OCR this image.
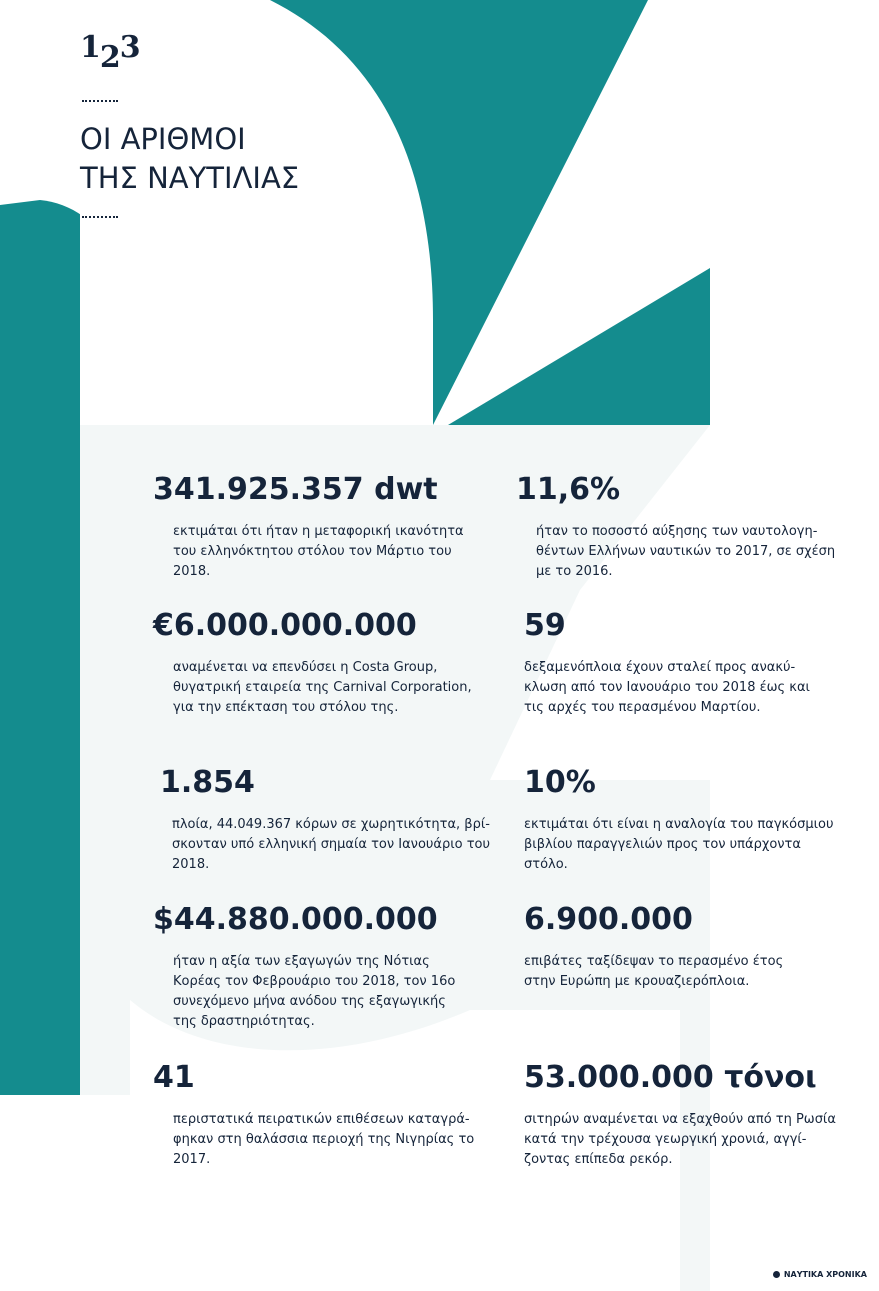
123
ΟΙ ΑΡΙΘΜΟΙ
ΤΗΣ ΝΑΥΤΙΛΙΑΣ
341.925.357 dwt
εκτιμάται ότι ήταν η μεταφορική ικανότητα του ελληνόκτητου στόλου τον Μάρτιο του 2018.
11,6%
ήταν το ποσοστό αύξησης των ναυτολογη-θέντων Ελλήνων ναυτικών το 2017, σε σχέση με το 2016.
€6.000.000.000
αναμένεται να επενδύσει η Costa Group, θυγατρική εταιρεία της Carnival Corporation, για την επέκταση του στόλου της.
59
δεξαμενόπλοια έχουν σταλεί προς ανακύ-κλωση από τον Ιανουάριο του 2018 έως και τις αρχές του περασμένου Μαρτίου.
1.854
πλοία, 44.049.367 κόρων σε χωρητικότητα, βρί-σκονταν υπό ελληνική σημαία τον Ιανουάριο του 2018.
10%
εκτιμάται ότι είναι η αναλογία του παγκόσμιου βιβλίου παραγγελιών προς τον υπάρχοντα στόλο.
$44.880.000.000
ήταν η αξία των εξαγωγών της Νότιας Κορέας τον Φεβρουάριο του 2018, τον 16ο συνεχόμενο μήνα ανόδου της εξαγωγικής της δραστηριότητας.
6.900.000
επιβάτες ταξίδεψαν το περασμένο έτος στην Ευρώπη με κρουαζιερόπλοια.
41
περιστατικά πειρατικών επιθέσεων καταγρά-φηκαν στη θαλάσσια περιοχή της Νιγηρίας το 2017.
53.000.000 τόνοι
σιτηρών αναμένεται να εξαχθούν από τη Ρωσία κατά την τρέχουσα γεωργική χρονιά, αγγί-ζοντας επίπεδα ρεκόρ.
ΝΑΥΤΙΚΑ ΧΡΟΝΙΚΑ
